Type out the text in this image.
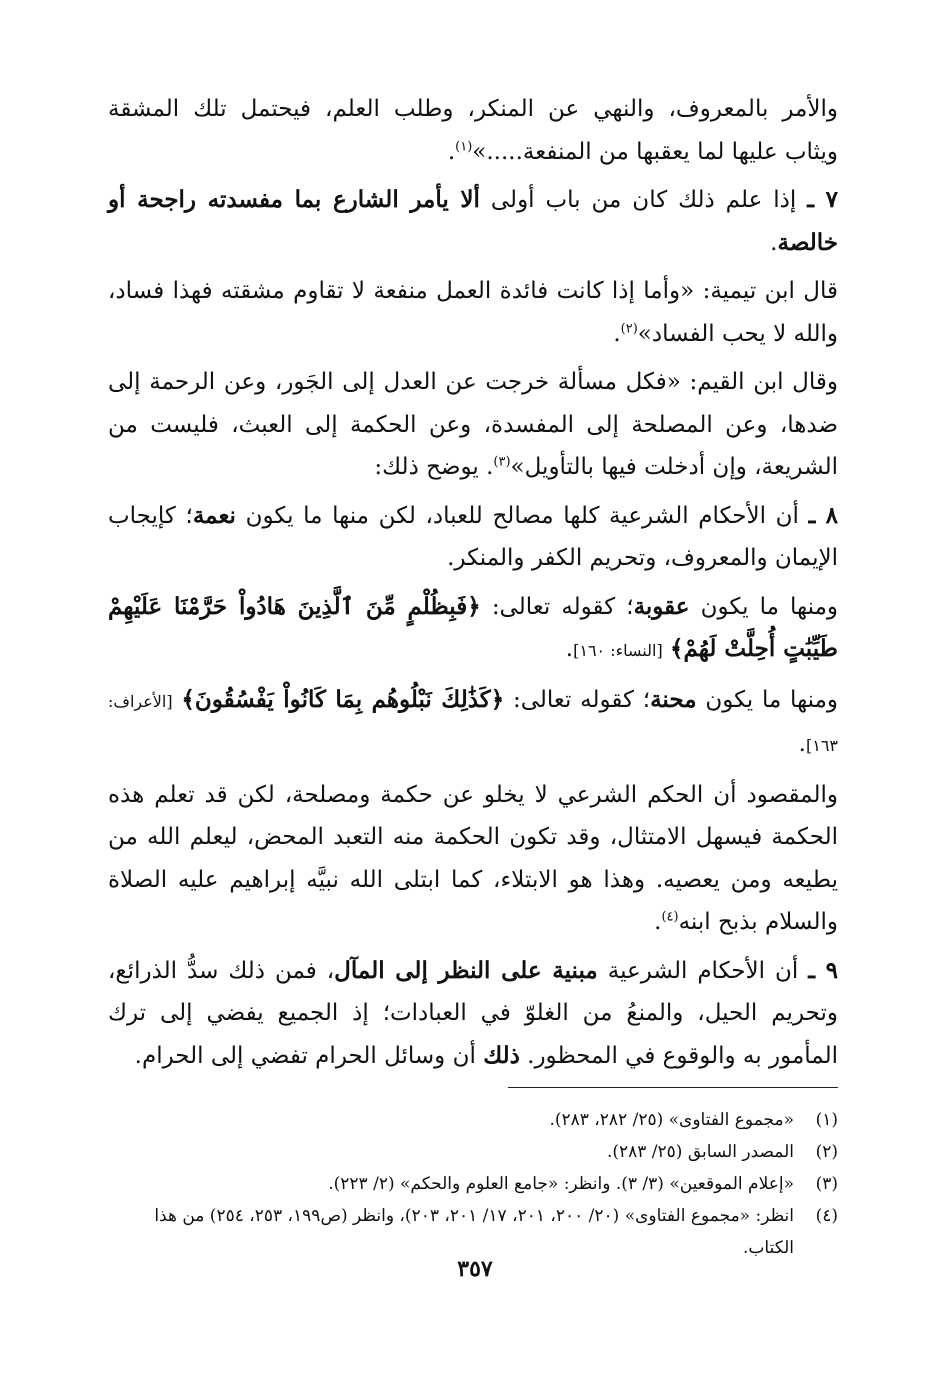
والأمر بالمعروف، والنهي عن المنكر، وطلب العلم، فيحتمل تلك المشقة ويثاب عليها لما يعقبها من المنفعة.....»$^{(١)}$.

٧ ـ إذا علم ذلك كان من باب أولى ألا يأمر الشارع بما مفسدته راجحة أو خالصة.

قال ابن تيمية: «وأما إذا كانت فائدة العمل منفعة لا تقاوم مشقته فهذا فساد، والله لا يحب الفساد»$^{(٢)}$.

وقال ابن القيم: «فكل مسألة خرجت عن العدل إلى الجَور، وعن الرحمة إلى ضدها، وعن المصلحة إلى المفسدة، وعن الحكمة إلى العبث، فليست من الشريعة، وإن أدخلت فيها بالتأويل»$^{(٣)}$. يوضح ذلك:

٨ ـ أن الأحكام الشرعية كلها مصالح للعباد، لكن منها ما يكون نعمة؛ كإيجاب الإيمان والمعروف، وتحريم الكفر والمنكر.

ومنها ما يكون عقوبة؛ كقوله تعالى: ﴿فَبِظُلْمٍ مِّنَ ٱلَّذِينَ هَادُواْ حَرَّمْنَا عَلَيْهِمْ طَيِّبَٰتٍ أُحِلَّتْ لَهُمْ﴾ [النساء: ١٦٠].

ومنها ما يكون محنة؛ كقوله تعالى: ﴿كَذَٰلِكَ نَبْلُوهُم بِمَا كَانُواْ يَفْسُقُونَ﴾ [الأعراف: ١٦٣].

والمقصود أن الحكم الشرعي لا يخلو عن حكمة ومصلحة، لكن قد تعلم هذه الحكمة فيسهل الامتثال، وقد تكون الحكمة منه التعبد المحض، ليعلم الله من يطيعه ومن يعصيه. وهذا هو الابتلاء، كما ابتلى الله نبيَّه إبراهيم عليه الصلاة والسلام بذبح ابنه$^{(٤)}$.

٩ ـ أن الأحكام الشرعية مبنية على النظر إلى المآل، فمن ذلك سدُّ الذرائع، وتحريم الحيل، والمنعُ من الغلوّ في العبادات؛ إذ الجميع يفضي إلى ترك المأمور به والوقوع في المحظور. ذلك أن وسائل الحرام تفضي إلى الحرام.

(١)
«مجموع الفتاوى» (٢٥/ ٢٨٢، ٢٨٣).
(٢)
المصدر السابق (٢٥/ ٢٨٣).
(٣)
«إعلام الموقعين» (٣/ ٣). وانظر: «جامع العلوم والحكم» (٢/ ٢٢٣).
(٤)
انظر: «مجموع الفتاوى» (٢٠/ ٢٠٠، ٢٠١، ١٧/ ٢٠١، ٢٠٣)، وانظر (ص١٩٩، ٢٥٣، ٢٥٤) من هذا الكتاب.
٣٥٧
